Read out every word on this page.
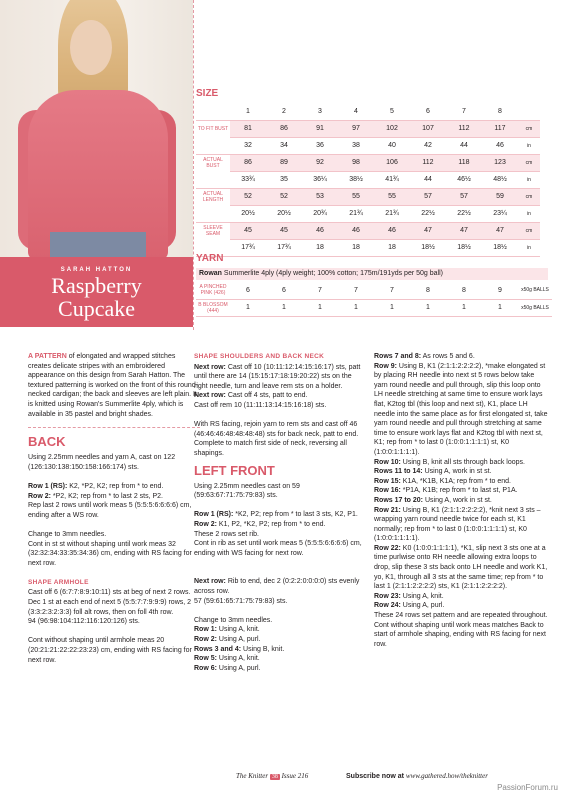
SARAH HATTON
Raspberry
Cupcake
SIZE
	1	2	3	4	5	6	7	8	
TO FIT BUST	81	86	91	97	102	107	112	117	cm
	32	34	36	38	40	42	44	46	in
ACTUAL BUST	86	89	92	98	106	112	118	123	cm
	33¾	35	36¼	38½	41¾	44	46½	48½	in
ACTUAL LENGTH	52	52	53	55	55	57	57	59	cm
	20½	20½	20¾	21¾	21¾	22½	22½	23¼	in
SLEEVE SEAM	45	45	46	46	46	47	47	47	cm
	17¾	17¾	18	18	18	18½	18½	18½	in
YARN
Rowan Summerlite 4ply (4ply weight; 100% cotton; 175m/191yds per 50g ball)
A PINCHED PINK (426)	6	6	7	7	7	8	8	9	x50g BALLS
B BLOSSOM (444)	1	1	1	1	1	1	1	1	x50g BALLS

A PATTERN of elongated and wrapped stitches creates delicate stripes with an embroidered appearance on this design from Sarah Hatton. The textured patterning is worked on the front of this round-necked cardigan; the back and sleeves are left plain. It is knitted using Rowan's Summerlite 4ply, which is available in 35 pastel and bright shades.

BACK

Using 2.25mm needles and yarn A, cast on 122 (126:130:138:150:158:166:174) sts.

Row 1 (RS): K2, *P2, K2; rep from * to end.

Row 2: *P2, K2; rep from * to last 2 sts, P2.

Rep last 2 rows until work meas 5 (5:5:5:6:6:6:6) cm, ending after a WS row.

Change to 3mm needles.

Cont in st st without shaping until work meas 32 (32:32:34:33:35:34:36) cm, ending with RS facing for next row.

SHAPE ARMHOLE

Cast off 6 (6:7:7:8:9:10:11) sts at beg of next 2 rows.

Dec 1 st at each end of next 5 (5:5:7:7:9:9:9) rows, 2 (3:3:2:3:2:3:3) foll alt rows, then on foll 4th row.

94 (96:98:104:112:116:120:126) sts.

Cont without shaping until armhole meas 20 (20:21:21:22:22:23:23) cm, ending with RS facing for next row.

SHAPE SHOULDERS AND BACK NECK

Next row: Cast off 10 (10:11:12:14:15:16:17) sts, patt until there are 14 (15:15:17:18:19:20:22) sts on the right needle, turn and leave rem sts on a holder.

Next row: Cast off 4 sts, patt to end.

Cast off rem 10 (11:11:13:14:15:16:18) sts.

With RS facing, rejoin yarn to rem sts and cast off 46 (46:46:46:48:48:48:48) sts for back neck, patt to end.

Complete to match first side of neck, reversing all shapings.

LEFT FRONT

Using 2.25mm needles cast on 59 (59:63:67:71:75:79:83) sts.

Row 1 (RS): *K2, P2; rep from * to last 3 sts, K2, P1.

Row 2: K1, P2, *K2, P2; rep from * to end.

These 2 rows set rib.

Cont in rib as set until work meas 5 (5:5:5:6:6:6:6) cm, ending with WS facing for next row.

Next row: Rib to end, dec 2 (0:2:2:0:0:0:0) sts evenly across row.

57 (59:61:65:71:75:79:83) sts.

Change to 3mm needles.

Row 1: Using A, knit.

Row 2: Using A, purl.

Rows 3 and 4: Using B, knit.

Row 5: Using A, knit.

Row 6: Using A, purl.

Rows 7 and 8: As rows 5 and 6.

Row 9: Using B, K1 (2:1:1:2:2:2:2), *make elongated st by placing RH needle into next st 5 rows below take yarn round needle and pull through, slip this loop onto LH needle stretching at same time to ensure work lays flat, K2tog tbl (this loop and next st), K1, place LH needle into the same place as for first elongated st, take yarn round needle and pull through stretching at same time to ensure work lays flat and K2tog tbl with next st, K1; rep from * to last 0 (1:0:0:1:1:1:1) st, K0 (1:0:0:1:1:1:1).

Row 10: Using B, knit all sts through back loops.

Rows 11 to 14: Using A, work in st st.

Row 15: K1A, *K1B, K1A; rep from * to end.

Row 16: *P1A, K1B; rep from * to last st, P1A.

Rows 17 to 20: Using A, work in st st.

Row 21: Using B, K1 (2:1:1:2:2:2:2), *knit next 3 sts – wrapping yarn round needle twice for each st, K1 normally; rep from * to last 0 (1:0:0:1:1:1:1) st, K0 (1:0:0:1:1:1:1).

Row 22: K0 (1:0:0:1:1:1:1), *K1, slip next 3 sts one at a time purlwise onto RH needle allowing extra loops to drop, slip these 3 sts back onto LH needle and work K1, yo, K1, through all 3 sts at the same time; rep from * to last 1 (2:1:1:2:2:2:2) sts, K1 (2:1:1:2:2:2:2).

Row 23: Using A, knit.

Row 24: Using A, purl.

These 24 rows set pattern and are repeated throughout.

Cont without shaping until work meas matches Back to start of armhole shaping, ending with RS facing for next row.

The Knitter 38 Issue 216	Subscribe now at www.gathered.how/theknitter
PassionForum.ru
